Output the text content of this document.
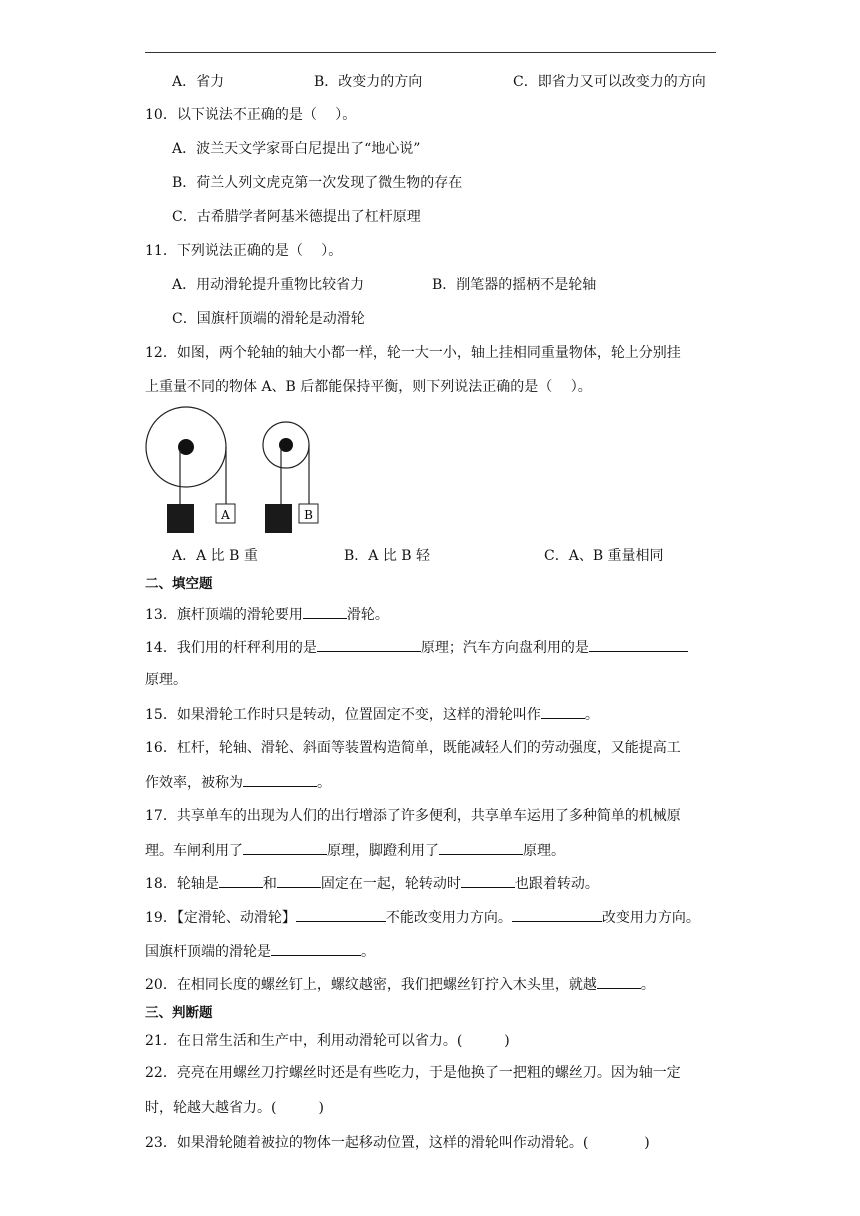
A．省力	B．改变力的方向	C．即省力又可以改变力的方向
10．以下说法不正确的是（　 ）。
A．波兰天文学家哥白尼提出了“地心说”
B．荷兰人列文虎克第一次发现了微生物的存在
C．古希腊学者阿基米德提出了杠杆原理
11．下列说法正确的是（　 ）。
A．用动滑轮提升重物比较省力	B．削笔器的摇柄不是轮轴
C．国旗杆顶端的滑轮是动滑轮
12．如图，两个轮轴的轴大小都一样，轮一大一小，轴上挂相同重量物体，轮上分别挂
上重量不同的物体 A、B 后都能保持平衡，则下列说法正确的是（　 ）。
A	B
A．A 比 B 重	B．A 比 B 轻	C．A、B 重量相同
二、填空题
13．旗杆顶端的滑轮要用	滑轮。
14．我们用的杆秤利用的是	原理；汽车方向盘利用的是
原理。
15．如果滑轮工作时只是转动，位置固定不变，这样的滑轮叫作	。
16．杠杆，轮轴、滑轮、斜面等装置构造简单，既能减轻人们的劳动强度，又能提高工
作效率，被称为	。
17．共享单车的出现为人们的出行增添了许多便利，共享单车运用了多种简单的机械原
理。车闸利用了	原理，脚蹬利用了	原理。
18．轮轴是	和	固定在一起，轮转动时	也跟着转动。
19．【定滑轮、动滑轮】	不能改变用力方向。	改变用力方向。
国旗杆顶端的滑轮是	。
20．在相同长度的螺丝钉上，螺纹越密，我们把螺丝钉拧入木头里，就越	。
三、判断题
21．在日常生活和生产中，利用动滑轮可以省力。(　　　)
22．亮亮在用螺丝刀拧螺丝时还是有些吃力，于是他换了一把粗的螺丝刀。因为轴一定
时，轮越大越省力。(　　　)
23．如果滑轮随着被拉的物体一起移动位置，这样的滑轮叫作动滑轮。(　　　　)
